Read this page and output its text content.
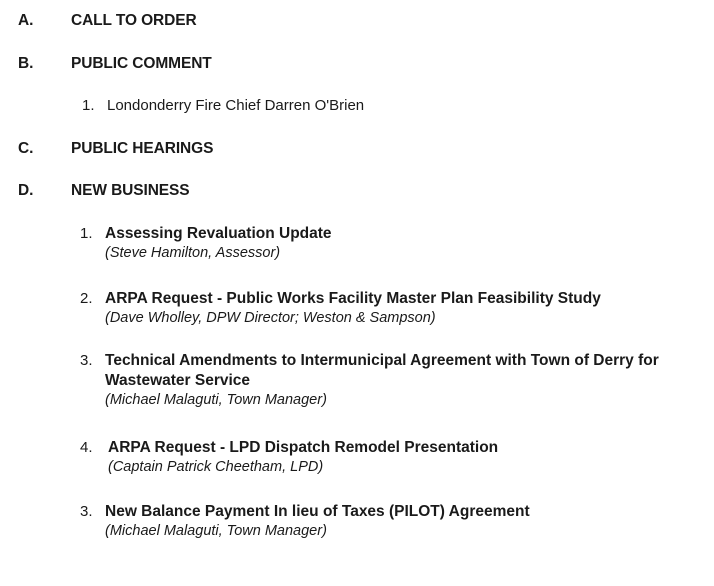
A. CALL TO ORDER
B. PUBLIC COMMENT
1. Londonderry Fire Chief Darren O'Brien
C. PUBLIC HEARINGS
D. NEW BUSINESS
1. Assessing Revaluation Update
(Steve Hamilton, Assessor)
2. ARPA Request - Public Works Facility Master Plan Feasibility Study
(Dave Wholley, DPW Director; Weston & Sampson)
3. Technical Amendments to Intermunicipal Agreement with Town of Derry for
Wastewater Service
(Michael Malaguti, Town Manager)
4. ARPA Request - LPD Dispatch Remodel Presentation
(Captain Patrick Cheetham, LPD)
3. New Balance Payment In lieu of Taxes (PILOT) Agreement
(Michael Malaguti, Town Manager)
